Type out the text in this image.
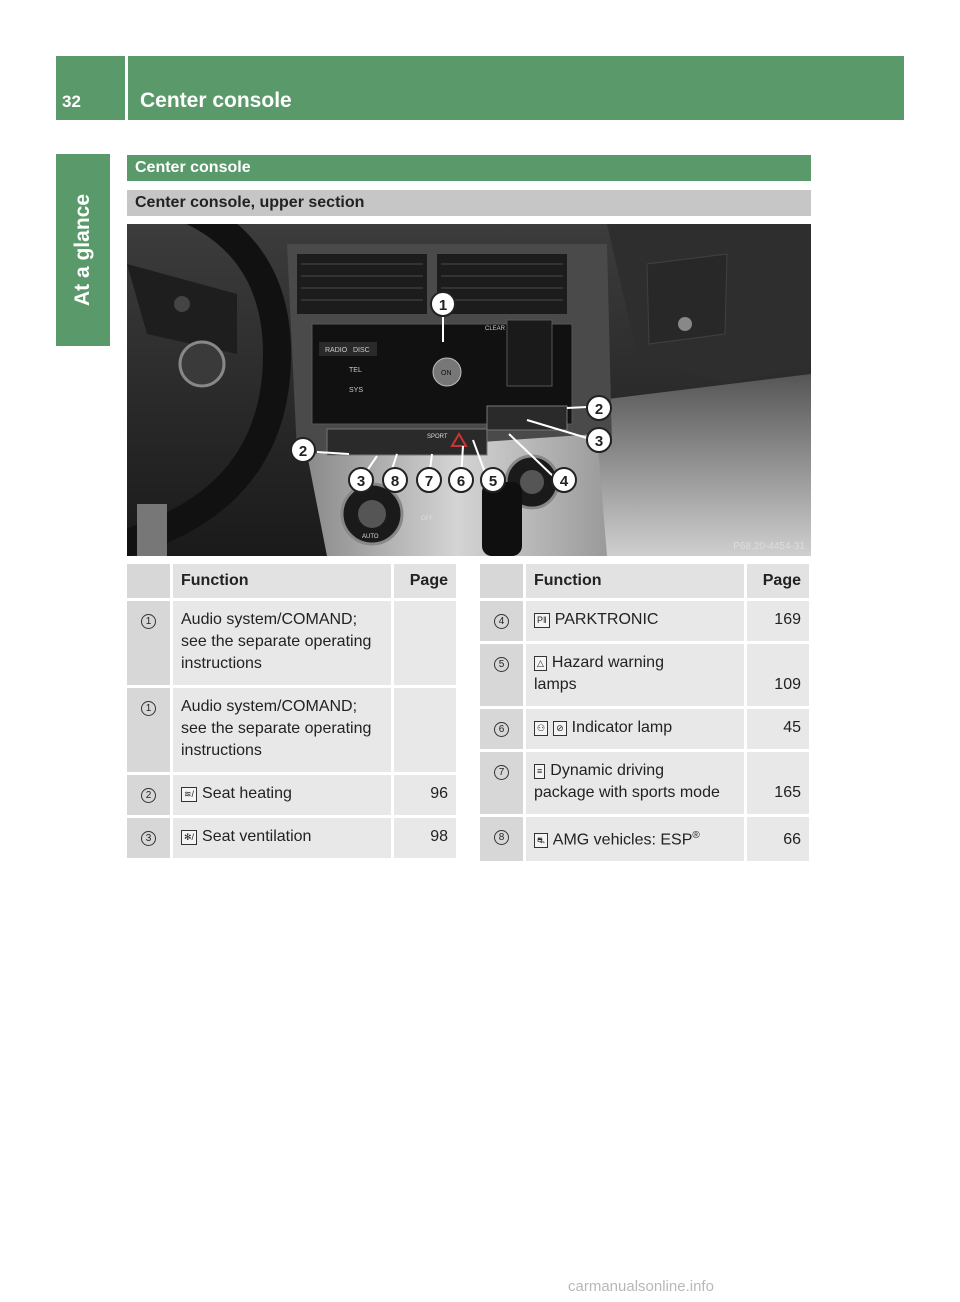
32	Center console
At a glance
Center console
Center console, upper section
RADIO DISC
TEL
SYS
CLEAR
ON
SPORT
AUTO
OFF
1
2
3 8 7 6 5	4
2
3
P68.20-4454-31
	Function	Page
1	Audio system/COMAND;
see the separate operating
instructions	

1	Audio system/COMAND;
see the separate operating
instructions	

2	≋/ Seat heating	96
3	✻/ Seat ventilation	98
	Function	Page
4	P‖ PARKTRONIC	169
5	△ Hazard warning
lamps	109
6	⚇ ⊘ Indicator lamp	45
7	≡ Dynamic driving
package with sports mode	165
8	⛐ AMG vehicles: ESP®	66
carmanualsonline.info
